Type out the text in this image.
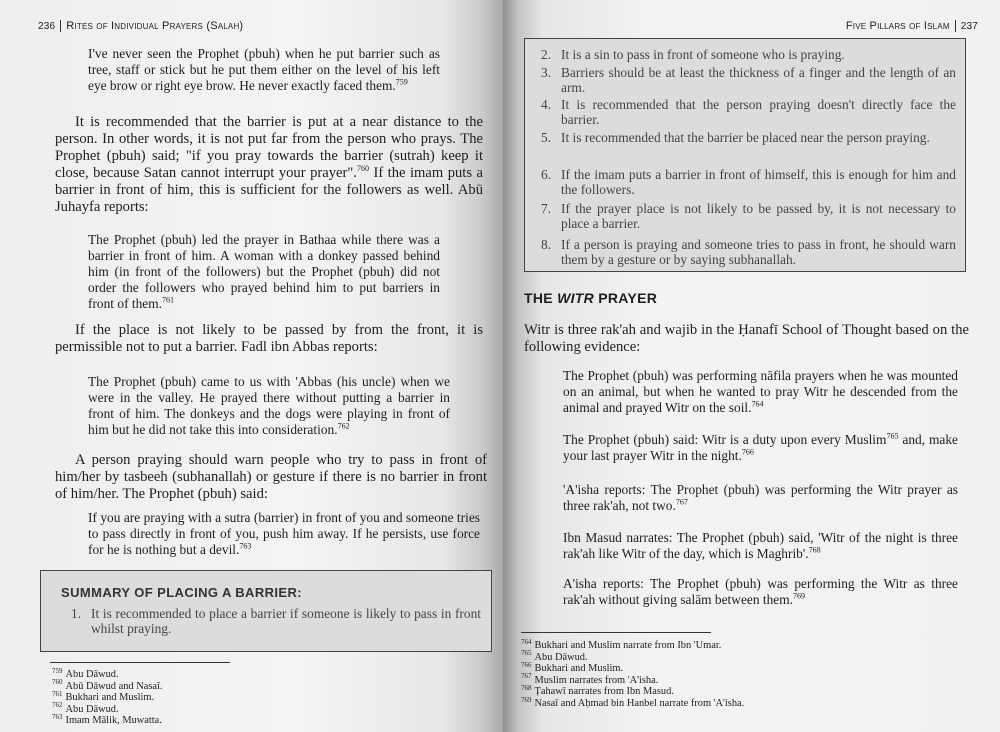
236 Rites of Individual Prayers (Salah)
I've never seen the Prophet (pbuh) when he put barrier such as tree, staff or stick but he put them either on the level of his left eye brow or right eye brow. He never exactly faced them.$^{759}$
It is recommended that the barrier is put at a near distance to the person. In other words, it is not put far from the person who prays. The Prophet (pbuh) said; "if you pray towards the barrier (sutrah) keep it close, because Satan cannot interrupt your prayer".$^{760}$ If the imam puts a barrier in front of him, this is sufficient for the followers as well. Abū Juhayfa reports:
The Prophet (pbuh) led the prayer in Bathaa while there was a barrier in front of him. A woman with a donkey passed behind him (in front of the followers) but the Prophet (pbuh) did not order the followers who prayed behind him to put barriers in front of them.$^{761}$
If the place is not likely to be passed by from the front, it is permissible not to put a barrier. Fadl ibn Abbas reports:
The Prophet (pbuh) came to us with 'Abbas (his uncle) when we were in the valley. He prayed there without putting a barrier in front of him. The donkeys and the dogs were playing in front of him but he did not take this into consideration.$^{762}$
A person praying should warn people who try to pass in front of him/her by tasbeeh (subhanallah) or gesture if there is no barrier in front of him/her. The Prophet (pbuh) said:
If you are praying with a sutra (barrier) in front of you and someone tries to pass directly in front of you, push him away. If he persists, use force for he is nothing but a devil.$^{763}$
SUMMARY OF PLACING A BARRIER:
1. It is recommended to place a barrier if someone is likely to pass in front whilst praying.
$^{759}$ Abu Dāwud.
$^{760}$ Abū Dāwud and Nasaī.
$^{761}$ Bukhari and Muslim.
$^{762}$ Abu Dāwud.
$^{763}$ Imam Mālik, Muwatta.
Five Pillars of Islam 237
2. It is a sin to pass in front of someone who is praying.
3. Barriers should be at least the thickness of a finger and the length of an arm.
4. It is recommended that the person praying doesn't directly face the barrier.
5. It is recommended that the barrier be placed near the person praying.
6. If the imam puts a barrier in front of himself, this is enough for him and the followers.
7. If the prayer place is not likely to be passed by, it is not necessary to place a barrier.
8. If a person is praying and someone tries to pass in front, he should warn them by a gesture or by saying subhanallah.
THE WITR PRAYER
Witr is three rak'ah and wajib in the Ḥanafī School of Thought based on the following evidence:
The Prophet (pbuh) was performing nāfila prayers when he was mounted on an animal, but when he wanted to pray Witr he descended from the animal and prayed Witr on the soil.$^{764}$
The Prophet (pbuh) said: Witr is a duty upon every Muslim$^{765}$ and, make your last prayer Witr in the night.$^{766}$
'A'isha reports: The Prophet (pbuh) was performing the Witr prayer as three rak'ah, not two.$^{767}$
Ibn Masud narrates: The Prophet (pbuh) said, 'Witr of the night is three rak'ah like Witr of the day, which is Maghrib'.$^{768}$
A'isha reports: The Prophet (pbuh) was performing the Witr as three rak'ah without giving salām between them.$^{769}$
$^{764}$ Bukhari and Muslim narrate from Ibn 'Umar.
$^{765}$ Abu Dāwud.
$^{766}$ Bukhari and Muslim.
$^{767}$ Muslim narrates from 'A'isha.
$^{768}$ Ṭahawī narrates from Ibn Masud.
$^{769}$ Nasaī and Aḥmad bin Hanbel narrate from 'A'isha.
